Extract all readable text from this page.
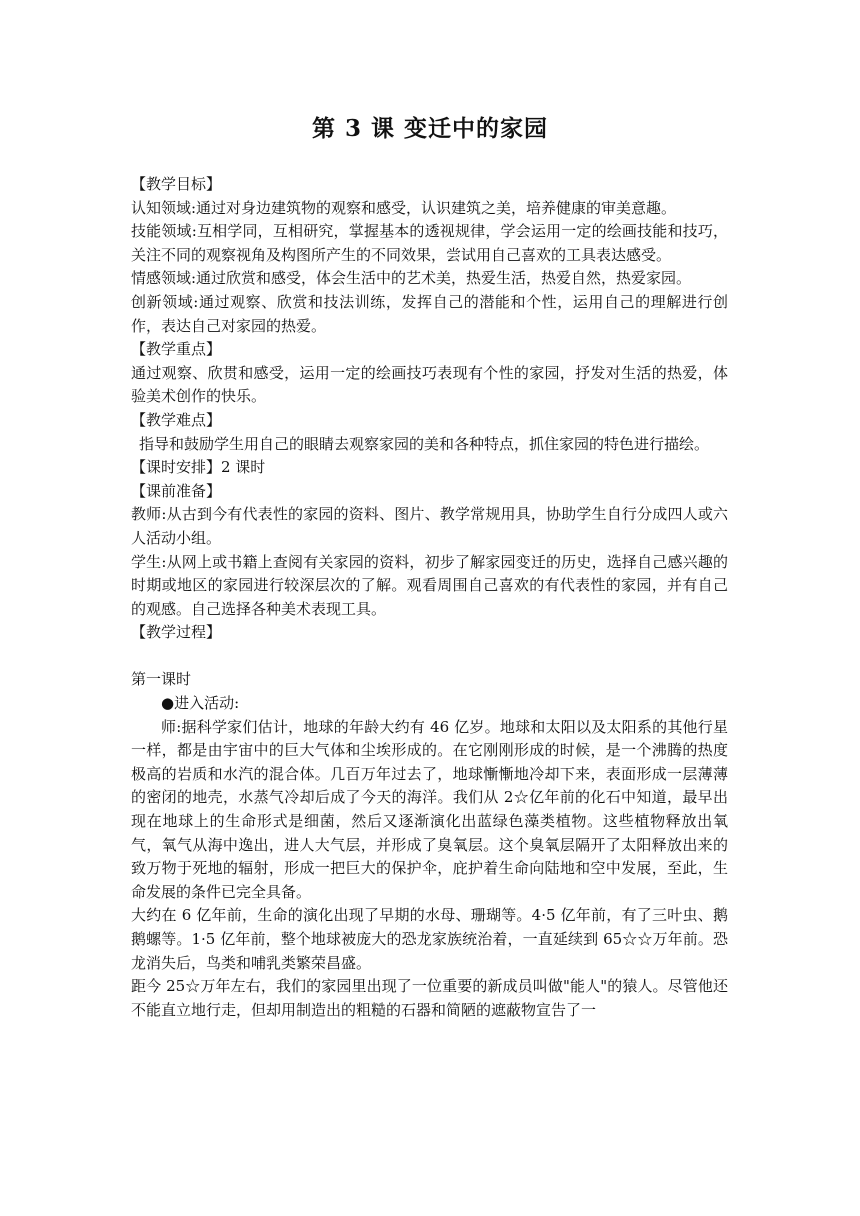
第 3 课 变迁中的家园

【教学目标】

认知领域:通过对身边建筑物的观察和感受，认识建筑之美，培养健康的审美意趣。

技能领域:互相学同，互相研究，掌握基本的透视规律，学会运用一定的绘画技能和技巧，关注不同的观察视角及构图所产生的不同效果，尝试用自己喜欢的工具表达感受。

情感领域:通过欣赏和感受，体会生活中的艺术美，热爱生活，热爱自然，热爱家园。

创新领域:通过观察、欣赏和技法训练，发挥自己的潜能和个性，运用自己的理解进行创作，表达自己对家园的热爱。

【教学重点】

通过观察、欣贯和感受，运用一定的绘画技巧表现有个性的家园，抒发对生活的热爱，体验美术创作的快乐。

【教学难点】

指导和鼓励学生用自己的眼睛去观察家园的美和各种特点，抓住家园的特色进行描绘。

【课时安排】2 课时

【课前准备】

教师:从古到今有代表性的家园的资料、图片、教学常规用具，协助学生自行分成四人或六人活动小组。

学生:从网上或书籍上查阅有关家园的资料，初步了解家园变迁的历史，选择自己感兴趣的时期或地区的家园进行较深层次的了解。观看周围自己喜欢的有代表性的家园，并有自己的观感。自己选择各种美术表现工具。

【教学过程】

第一课时

●进入活动:

师:据科学家们估计，地球的年龄大约有 46 亿岁。地球和太阳以及太阳系的其他行星一样，都是由宇宙中的巨大气体和尘埃形成的。在它刚刚形成的时候，是一个沸腾的热度极高的岩质和水汽的混合体。几百万年过去了，地球慚慚地冷却下来，表面形成一层薄薄的密闭的地壳，水蒸气冷却后成了今天的海洋。我们从 2☆亿年前的化石中知道，最早出现在地球上的生命形式是细菌，然后又逐渐演化出蓝绿色藻类植物。这些植物释放出氧气，氧气从海中逸出，进人大气层，并形成了臭氧层。这个臭氧层隔开了太阳释放出来的致万物于死地的辐射，形成一把巨大的保护伞，庇护着生命向陆地和空中发展，至此，生命发展的条件已完全具备。

大约在 6 亿年前，生命的演化出现了早期的水母、珊瑚等。4·5 亿年前，有了三叶虫、鹅鹅螺等。1·5 亿年前，整个地球被庞大的恐龙家族统治着，一直延续到 65☆☆万年前。恐龙消失后，鸟类和哺乳类繁荣昌盛。

距今 25☆万年左右，我们的家园里出现了一位重要的新成员叫做"能人"的猿人。尽管他还不能直立地行走，但却用制造出的粗糙的石器和简陋的遮蔽物宣告了一
